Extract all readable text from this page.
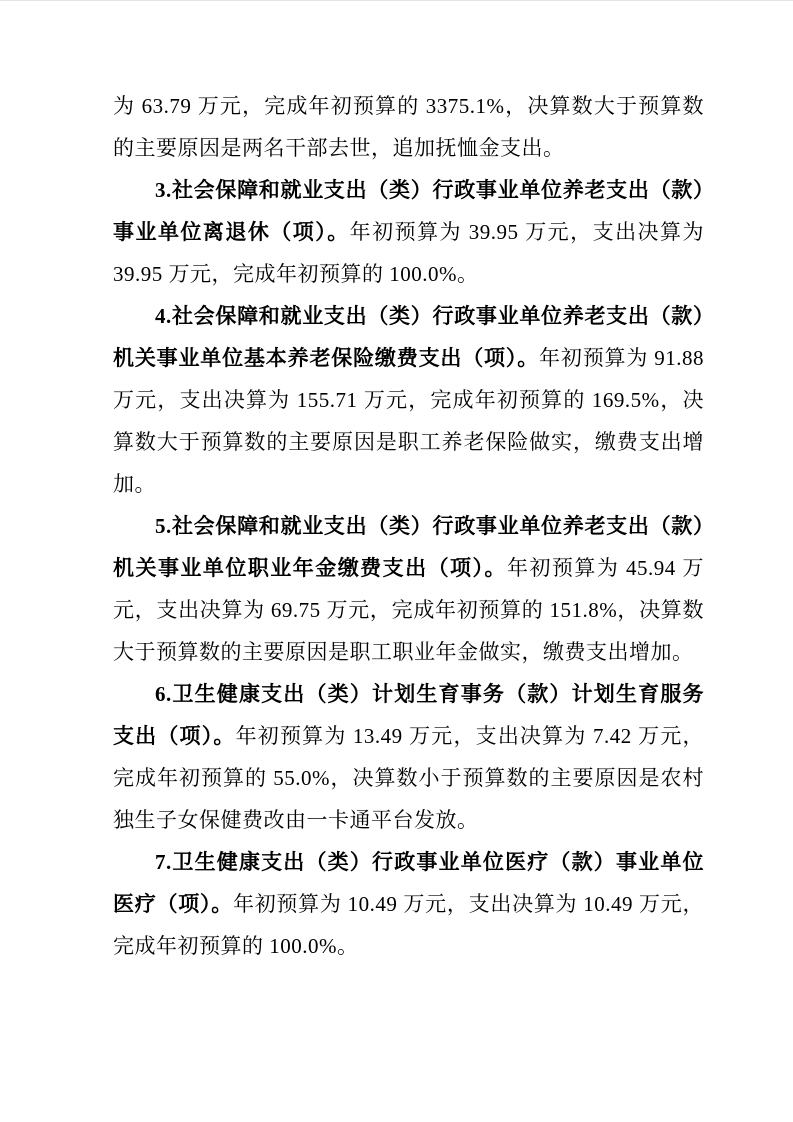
为 63.79 万元，完成年初预算的 3375.1%，决算数大于预算数的主要原因是两名干部去世，追加抚恤金支出。

3.社会保障和就业支出（类）行政事业单位养老支出（款）事业单位离退休（项）。年初预算为 39.95 万元，支出决算为 39.95 万元，完成年初预算的 100.0%。

4.社会保障和就业支出（类）行政事业单位养老支出（款）机关事业单位基本养老保险缴费支出（项）。年初预算为 91.88 万元，支出决算为 155.71 万元，完成年初预算的 169.5%，决算数大于预算数的主要原因是职工养老保险做实，缴费支出增加。

5.社会保障和就业支出（类）行政事业单位养老支出（款）机关事业单位职业年金缴费支出（项）。年初预算为 45.94 万元，支出决算为 69.75 万元，完成年初预算的 151.8%，决算数大于预算数的主要原因是职工职业年金做实，缴费支出增加。

6.卫生健康支出（类）计划生育事务（款）计划生育服务支出（项）。年初预算为 13.49 万元，支出决算为 7.42 万元，完成年初预算的 55.0%，决算数小于预算数的主要原因是农村独生子女保健费改由一卡通平台发放。

7.卫生健康支出（类）行政事业单位医疗（款）事业单位医疗（项）。年初预算为 10.49 万元，支出决算为 10.49 万元，完成年初预算的 100.0%。
